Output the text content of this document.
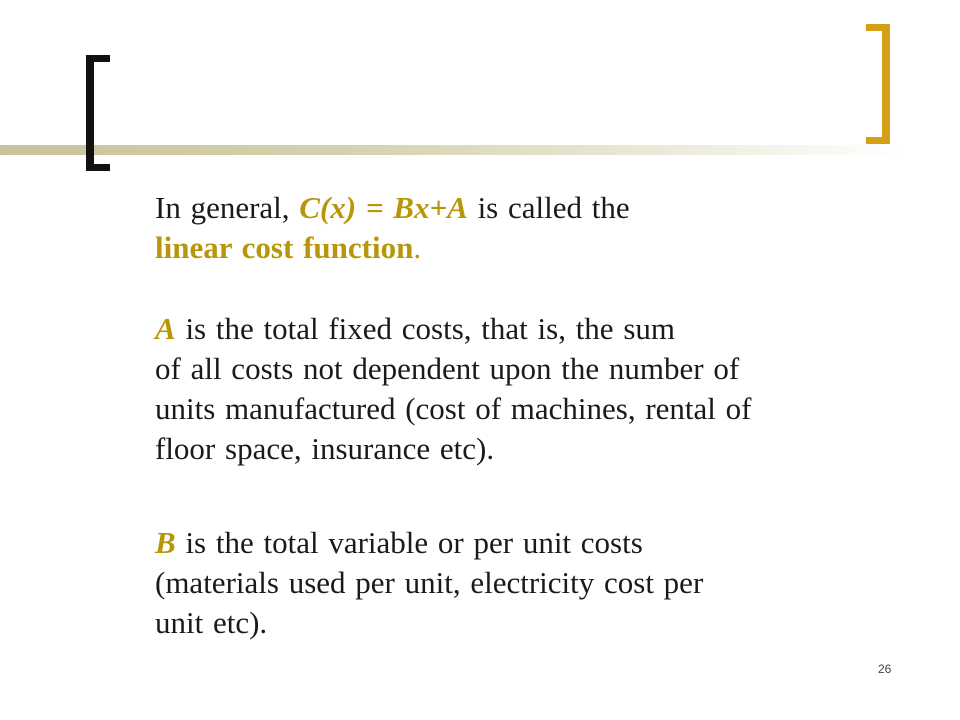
In general, C(x) = Bx+A is called the
linear cost function.
A is the total fixed costs, that is, the sum
of all costs not dependent upon the number of
units manufactured (cost of machines, rental of
floor space, insurance etc).
B is the total variable or per unit costs
(materials used per unit, electricity cost per
unit etc).
26
